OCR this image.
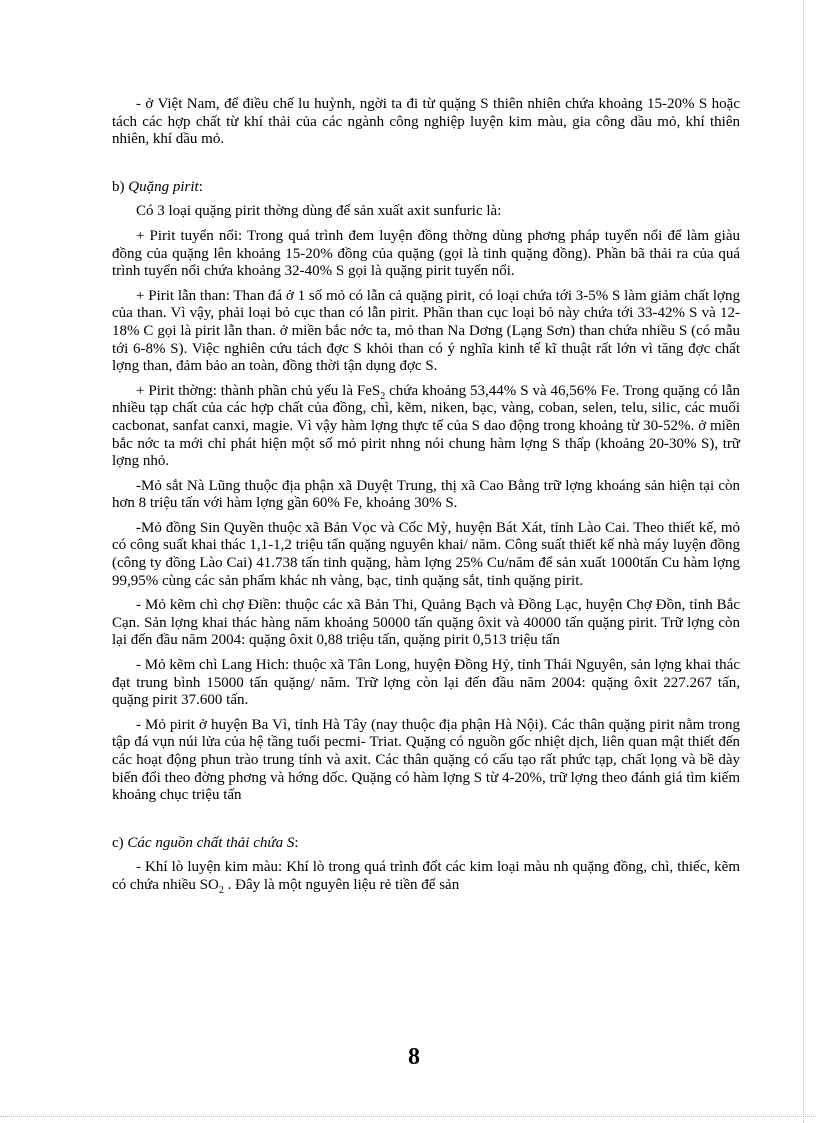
- ở Việt Nam, để điều chế lu huỳnh, ngời ta đi từ quặng S thiên nhiên chứa khoảng 15-20% S hoặc tách các hợp chất từ khí thải của các ngành công nghiệp luyện kim màu, gia công dầu mỏ, khí thiên nhiên, khí dầu mỏ.

b) Quặng pirit:

Có 3 loại quặng pirit thờng dùng để sản xuất axit sunfuric là:

+ Pirit tuyển nổi: Trong quá trình đem luyện đồng thờng dùng phơng pháp tuyển nổi để làm giàu đồng của quặng lên khoảng 15-20% đồng của quặng (gọi là tinh quặng đồng). Phần bã thải ra của quá trình tuyển nổi chứa khoảng 32-40% S gọi là quặng pirit tuyển nổi.

+ Pirit lẫn than: Than đá ở 1 số mỏ có lẫn cả quặng pirit, có loại chứa tới 3-5% S làm giảm chất lợng của than. Vì vậy, phải loại bỏ cục than có lẫn pirit. Phần than cục loại bỏ này chứa tới 33-42% S và 12-18% C gọi là pirit lẫn than. ở miền bắc nớc ta, mỏ than Na Dơng (Lạng Sơn) than chứa nhiều S (có mẫu tới 6-8% S). Việc nghiên cứu tách đợc S khỏi than có ý nghĩa kinh tế kĩ thuật rất lớn vì tăng đợc chất lợng than, đảm bảo an toàn, đồng thời tận dụng đợc S.

+ Pirit thờng: thành phần chủ yếu là FeS$_2$ chứa khoảng 53,44% S và 46,56% Fe. Trong quặng có lẫn nhiều tạp chất của các hợp chất của đồng, chì, kẽm, niken, bạc, vàng, coban, selen, telu, silic, các muối cacbonat, sanfat canxi, magie. Vì vậy hàm lợng thực tế của S dao động trong khoảng từ 30-52%. ở miền bắc nớc ta mới chỉ phát hiện một số mỏ pirit nhng nói chung hàm lợng S thấp (khoảng 20-30% S), trữ lợng nhỏ.

-Mỏ sắt Nà Lũng thuộc địa phận xã Duyệt Trung, thị xã Cao Bằng trữ lợng khoáng sản hiện tại còn hơn 8 triệu tấn với hàm lợng gần 60% Fe, khoảng 30% S.

-Mỏ đồng Sin Quyền thuộc xã Bản Vọc và Cốc Mỳ, huyện Bát Xát, tỉnh Lào Cai. Theo thiết kế, mỏ có công suất khai thác 1,1-1,2 triệu tấn quặng nguyên khai/ năm. Công suất thiết kế nhà máy luyện đồng (công ty đồng Lào Cai) 41.738 tấn tinh quặng, hàm lợng 25% Cu/năm để sản xuất 1000tấn Cu hàm lợng 99,95% cùng các sản phẩm khác nh vàng, bạc, tinh quặng sắt, tinh quặng pirit.

- Mỏ kẽm chì chợ Điền: thuộc các xã Bản Thi, Quảng Bạch và Đồng Lạc, huyện Chợ Đồn, tỉnh Bắc Cạn. Sản lợng khai thác hàng năm khoảng 50000 tấn quặng ôxit và 40000 tấn quặng pirit. Trữ lợng còn lại đến đầu năm 2004: quặng ôxit 0,88 triệu tấn, quặng pirit 0,513 triệu tấn

- Mỏ kẽm chì Lang Hich: thuộc xã Tân Long, huyện Đồng Hỷ, tỉnh Thái Nguyên, sản lợng khai thác đạt trung bình 15000 tấn quặng/ năm. Trữ lợng còn lại đến đầu năm 2004: quặng ôxit 227.267 tấn, quặng pirit 37.600 tấn.

- Mỏ pirit ở huyện Ba Vì, tỉnh Hà Tây (nay thuộc địa phận Hà Nội). Các thân quặng pirit nằm trong tập đá vụn núi lửa của hệ tầng tuổi pecmi- Triat. Quặng có nguồn gốc nhiệt dịch, liên quan mật thiết đến các hoạt động phun trào trung tính và axit. Các thân quặng có cấu tạo rất phức tạp, chất lọng và bề dày biến đổi theo đờng phơng và hớng dốc. Quặng có hàm lợng S từ 4-20%, trữ lợng theo đánh giá tìm kiếm khoảng chục triệu tấn

c) Các nguồn chất thải chứa S:

- Khí lò luyện kim màu: Khí lò trong quá trình đốt các kim loại màu nh quặng đồng, chì, thiếc, kẽm có chứa nhiều $SO_2$ . Đây là một nguyên liệu rẻ tiền để sản

8
